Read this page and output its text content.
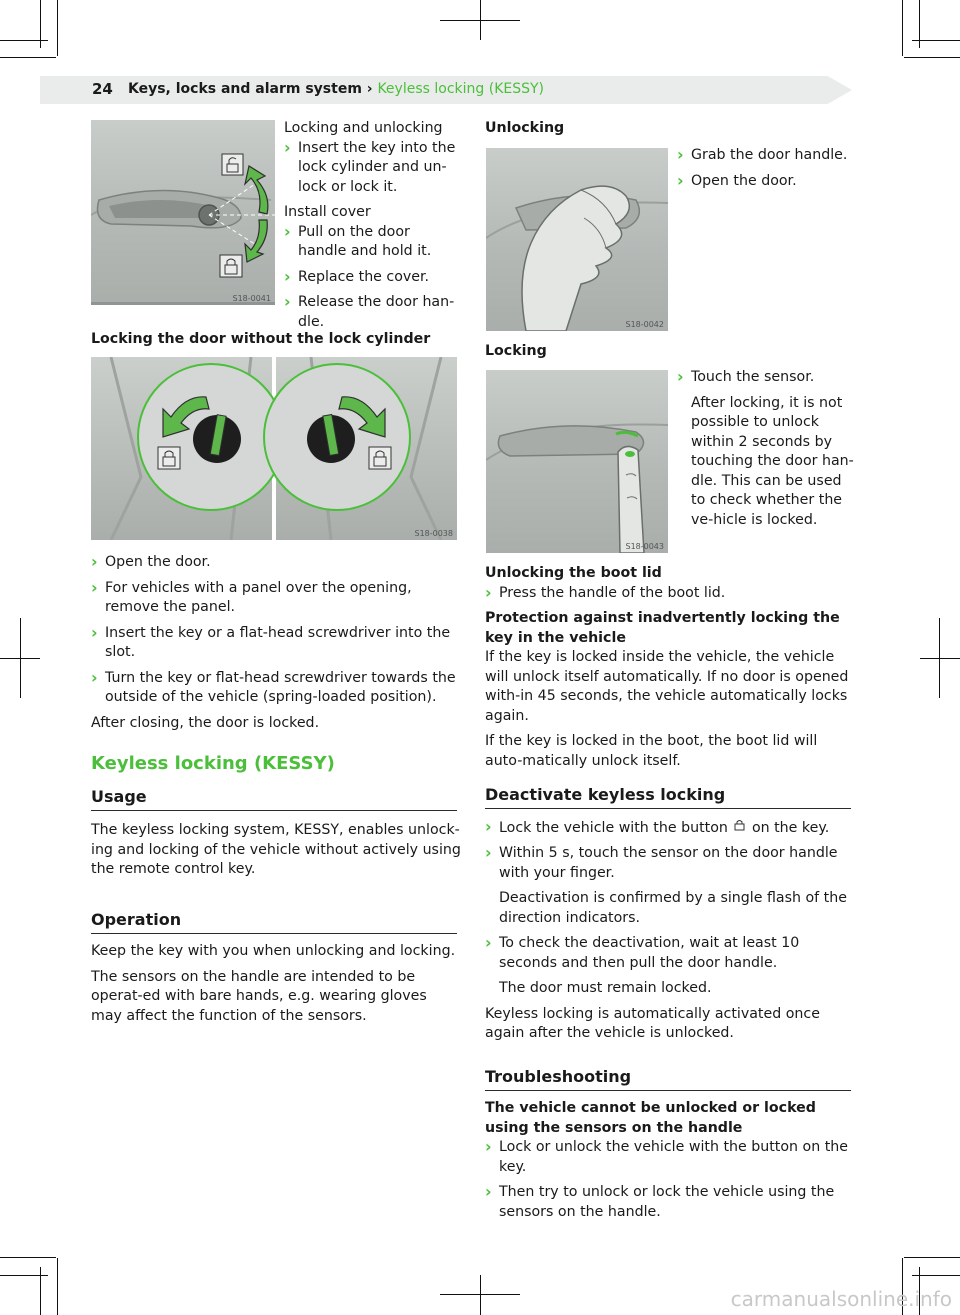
24 Keys, locks and alarm system › Keyless locking (KESSY)
S18-0041
Locking and unlocking
› Insert the key into the lock cylinder and un-lock or lock it.
Install cover
› Pull on the door handle and hold it.
› Replace the cover.
› Release the door han-dle.
Locking the door without the lock cylinder
S18-0038
› Open the door.
› For vehicles with a panel over the opening, remove the panel.
› Insert the key or a flat-head screwdriver into the slot.
› Turn the key or flat-head screwdriver towards the outside of the vehicle (spring-loaded position).
After closing, the door is locked.
Keyless locking (KESSY)
Usage
The keyless locking system, KESSY, enables unlock-ing and locking of the vehicle without actively using the remote control key.
Operation
Keep the key with you when unlocking and locking.
The sensors on the handle are intended to be operat-ed with bare hands, e.g. wearing gloves may affect the function of the sensors.
Unlocking
S18-0042
› Grab the door handle.
› Open the door.
Locking
S18-0043
› Touch the sensor.
After locking, it is not possible to unlock within 2 seconds by touching the door han-dle. This can be used to check whether the ve-hicle is locked.
Unlocking the boot lid
› Press the handle of the boot lid.
Protection against inadvertently locking the key in the vehicle
If the key is locked inside the vehicle, the vehicle will unlock itself automatically. If no door is opened with-in 45 seconds, the vehicle automatically locks again.
If the key is locked in the boot, the boot lid will auto-matically unlock itself.
Deactivate keyless locking
› Lock the vehicle with the button on the key.
› Within 5 s, touch the sensor on the door handle with your finger.
Deactivation is confirmed by a single flash of the direction indicators.
› To check the deactivation, wait at least 10 seconds and then pull the door handle.
The door must remain locked.
Keyless locking is automatically activated once again after the vehicle is unlocked.
Troubleshooting
The vehicle cannot be unlocked or locked using the sensors on the handle
› Lock or unlock the vehicle with the button on the key.
› Then try to unlock or lock the vehicle using the sensors on the handle.
carmanualsonline.info
